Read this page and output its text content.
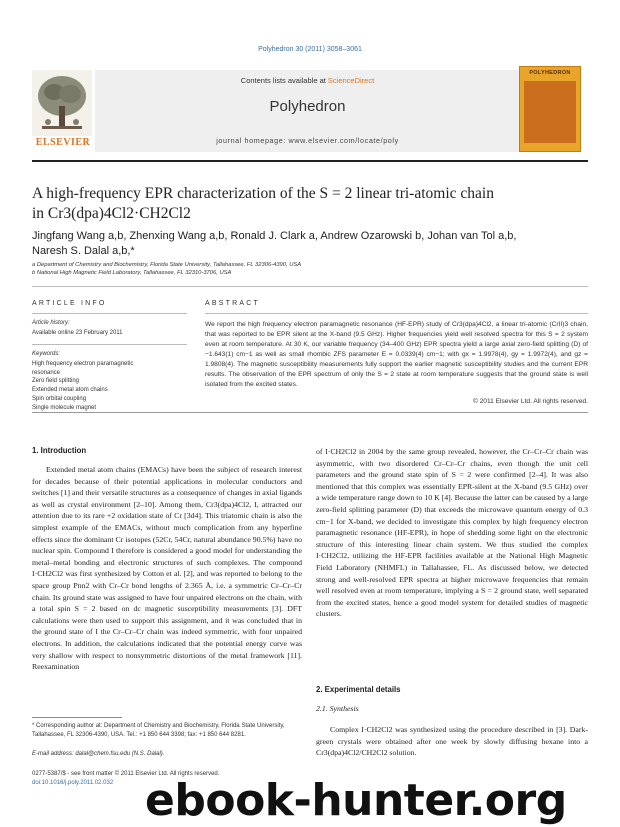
Polyhedron 30 (2011) 3058–3061
ELSEVIER
Contents lists available at ScienceDirect
Polyhedron
journal homepage: www.elsevier.com/locate/poly
POLYHEDRON
A high-frequency EPR characterization of the S = 2 linear tri-atomic chain
in Cr3(dpa)4Cl2·CH2Cl2
Jingfang Wang a,b, Zhenxing Wang a,b, Ronald J. Clark a, Andrew Ozarowski b, Johan van Tol a,b,
Naresh S. Dalal a,b,*
a Department of Chemistry and Biochemistry, Florida State University, Tallahassee, FL 32306-4390, USA
b National High Magnetic Field Laboratory, Tallahassee, FL 32310-3706, USA
ARTICLE INFO
Article history:
Available online 23 February 2011
Keywords:
High frequency electron paramagnetic
resonance
Zero field splitting
Extended metal atom chains
Spin orbital coupling
Single molecule magnet
ABSTRACT
We report the high frequency electron paramagnetic resonance (HF-EPR) study of Cr3(dpa)4Cl2, a linear tri-atomic (CrII)3 chain, that was reported to be EPR silent at the X-band (9.5 GHz). Higher frequencies yield well resolved spectra for this S = 2 system even at room temperature. At 30 K, our variable frequency (34–400 GHz) EPR spectra yield a large axial zero-field splitting (D) of −1.643(1) cm−1 as well as small rhombic ZFS parameter E = 0.0339(4) cm−1; with gx = 1.9978(4), gy = 1.9972(4), and gz = 1.9808(4). The magnetic susceptibility measurements fully support the earlier magnetic susceptibility studies and the current EPR results. The observation of the EPR spectrum of only the S = 2 state at room temperature suggests that the ground state is well isolated from the excited states.
© 2011 Elsevier Ltd. All rights reserved.
1. Introduction
Extended metal atom chains (EMACs) have been the subject of research interest for decades because of their potential applications in molecular conductors and switches [1] and their versatile structures as a consequence of changes in axial ligands as well as crystal environment [2–10]. Among them, Cr3(dpa)4Cl2, I, attracted our attention due to its rare +2 oxidation state of Cr [3d4]. This triatomic chain is also the simplest example of the EMACs, without much complication from any hyperfine effects since the dominant Cr isotopes (52Cr, 54Cr, natural abundance 90.5%) have no nuclear spin. Compound I therefore is considered a good model for understanding the metal–metal bonding and electronic structures of such complexes. The compound I·CH2Cl2 was first synthesized by Cotton et al. [2], and was reported to belong to the space group Pnn2 with Cr–Cr bond lengths of 2.365 Å, i.e. a symmetric Cr–Cr–Cr chain. Its ground state was assigned to have four unpaired electrons on the chain, with a total spin S = 2 based on dc magnetic susceptibility measurements [3]. DFT calculations were then used to support this assignment, and it was concluded that in the ground state of I the Cr–Cr–Cr chain was indeed symmetric, with four unpaired electrons. In addition, the calculations indicated that the potential energy curve was very shallow with respect to nonsymmetric distortions of the metal framework [11]. Reexamination
of I·CH2Cl2 in 2004 by the same group revealed, however, the Cr–Cr–Cr chain was asymmetric, with two disordered Cr–Cr–Cr chains, even though the unit cell parameters and the ground state spin of S = 2 were confirmed [2–4]. It was also mentioned that this complex was essentially EPR-silent at the X-band (9.5 GHz) over a wide temperature range down to 10 K [4]. Because the latter can be caused by a large zero-field splitting parameter (D) that exceeds the microwave quantum energy of 0.3 cm−1 for X-band, we decided to investigate this complex by high frequency electron paramagnetic resonance (HF-EPR), in hope of shedding some light on the electronic structure of this interesting linear chain system. We thus studied the complex I·CH2Cl2, utilizing the HF-EPR facilities available at the National High Magnetic Field Laboratory (NHMFL) in Tallahassee, FL. As discussed below, we detected strong and well-resolved EPR spectra at higher microwave frequencies that remain well resolved even at room temperature, implying a S = 2 ground state, well separated from the excited states, hence a good model system for detailed studies of magnetic clusters.
2. Experimental details
2.1. Synthesis
Complex I·CH2Cl2 was synthesized using the procedure described in [3]. Dark-green crystals were obtained after one week by slowly diffusing hexane into a Cr3(dpa)4Cl2/CH2Cl2 solution.
* Corresponding author at: Department of Chemistry and Biochemistry, Florida State University, Tallahassee, FL 32306-4390, USA. Tel.: +1 850 644 3398; fax: +1 850 644 8281.
E-mail address: dalal@chem.fsu.edu (N.S. Dalal).
0277-5387/$ - see front matter © 2011 Elsevier Ltd. All rights reserved.
doi:10.1016/j.poly.2011.02.032 ebook-hunter.org
